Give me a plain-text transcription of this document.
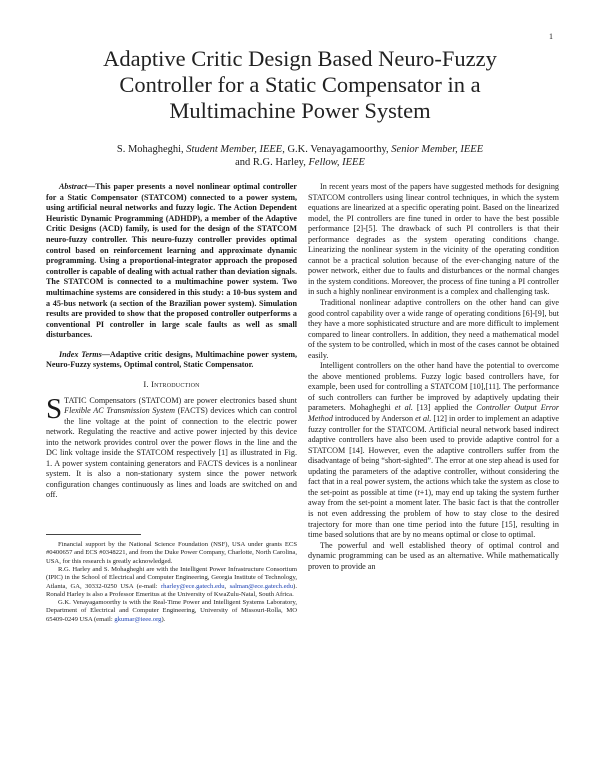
1
Adaptive Critic Design Based Neuro-Fuzzy Controller for a Static Compensator in a Multimachine Power System
S. Mohagheghi, Student Member, IEEE, G.K. Venayagamoorthy, Senior Member, IEEE
and R.G. Harley, Fellow, IEEE

Abstract—This paper presents a novel nonlinear optimal controller for a Static Compensator (STATCOM) connected to a power system, using artificial neural networks and fuzzy logic. The Action Dependent Heuristic Dynamic Programming (ADHDP), a member of the Adaptive Critic Designs (ACD) family, is used for the design of the STATCOM neuro-fuzzy controller. This neuro-fuzzy controller provides optimal control based on reinforcement learning and approximate dynamic programming. Using a proportional-integrator approach the proposed controller is capable of dealing with actual rather than deviation signals. The STATCOM is connected to a multimachine power system. Two multimachine systems are considered in this study: a 10-bus system and a 45-bus network (a section of the Brazilian power system). Simulation results are provided to show that the proposed controller outperforms a conventional PI controller in large scale faults as well as small disturbances.

Index Terms—Adaptive critic designs, Multimachine power system, Neuro-Fuzzy systems, Optimal control, Static Compensator.

I. Introduction

STATIC Compensators (STATCOM) are power electronics based shunt Flexible AC Transmission System (FACTS) devices which can control the line voltage at the point of connection to the electric power network. Regulating the reactive and active power injected by this device into the network provides control over the power flows in the line and the DC link voltage inside the STATCOM respectively [1] as illustrated in Fig. 1. A power system containing generators and FACTS devices is a nonlinear system. It is also a non-stationary system since the power network configuration changes continuously as lines and loads are switched on and off.

Financial support by the National Science Foundation (NSF), USA under grants ECS #0400657 and ECS #0348221, and from the Duke Power Company, Charlotte, North Carolina, USA, for this research is greatly acknowledged.

R.G. Harley and S. Mohagheghi are with the Intelligent Power Infrastructure Consortium (IPIC) in the School of Electrical and Computer Engineering, Georgia Institute of Technology, Atlanta, GA, 30332-0250 USA (e-mail: rharley@ece.gatech.edu, salman@ece.gatech.edu). Ronald Harley is also a Professor Emeritus at the University of KwaZulu-Natal, South Africa.

G.K. Venayagamoorthy is with the Real-Time Power and Intelligent Systems Laboratory, Department of Electrical and Computer Engineering, University of Missouri-Rolla, MO 65409-0249 USA (email: gkumar@ieee.org).

In recent years most of the papers have suggested methods for designing STATCOM controllers using linear control techniques, in which the system equations are linearized at a specific operating point. Based on the linearized model, the PI controllers are fine tuned in order to have the best possible performance [2]-[5]. The drawback of such PI controllers is that their performance degrades as the system operating conditions change. Linearizing the nonlinear system in the vicinity of the operating condition cannot be a practical solution because of the ever-changing nature of the power network, either due to faults and disturbances or the normal changes in the system conditions. Moreover, the process of fine tuning a PI controller in such a highly nonlinear environment is a complex and challenging task.

Traditional nonlinear adaptive controllers on the other hand can give good control capability over a wide range of operating conditions [6]-[9], but they have a more sophisticated structure and are more difficult to implement compared to linear controllers. In addition, they need a mathematical model of the system to be controlled, which in most of the cases cannot be obtained easily.

Intelligent controllers on the other hand have the potential to overcome the above mentioned problems. Fuzzy logic based controllers have, for example, been used for controlling a STATCOM [10],[11]. The performance of such controllers can further be improved by adaptively updating their parameters. Mohagheghi et al. [13] applied the Controller Output Error Method introduced by Anderson et al. [12] in order to implement an adaptive fuzzy controller for the STATCOM. Artificial neural network based indirect adaptive controllers have also been used to provide adaptive control for a STATCOM [14]. However, even the adaptive controllers suffer from the disadvantage of being “short-sighted”. The error at one step ahead is used for updating the parameters of the adaptive controller, without considering the fact that in a real power system, the actions which take the system as close to the set-point as possible at time (t+1), may end up taking the system further away from the set-point a moment later. The basic fact is that the controller is not even addressing the problem of how to stay close to the desired trajectory for more than one time period into the future [15], resulting in time based solutions that are by no means optimal or close to optimal.

The powerful and well established theory of optimal control and dynamic programming can be used as an alternative. While mathematically proven to provide an
